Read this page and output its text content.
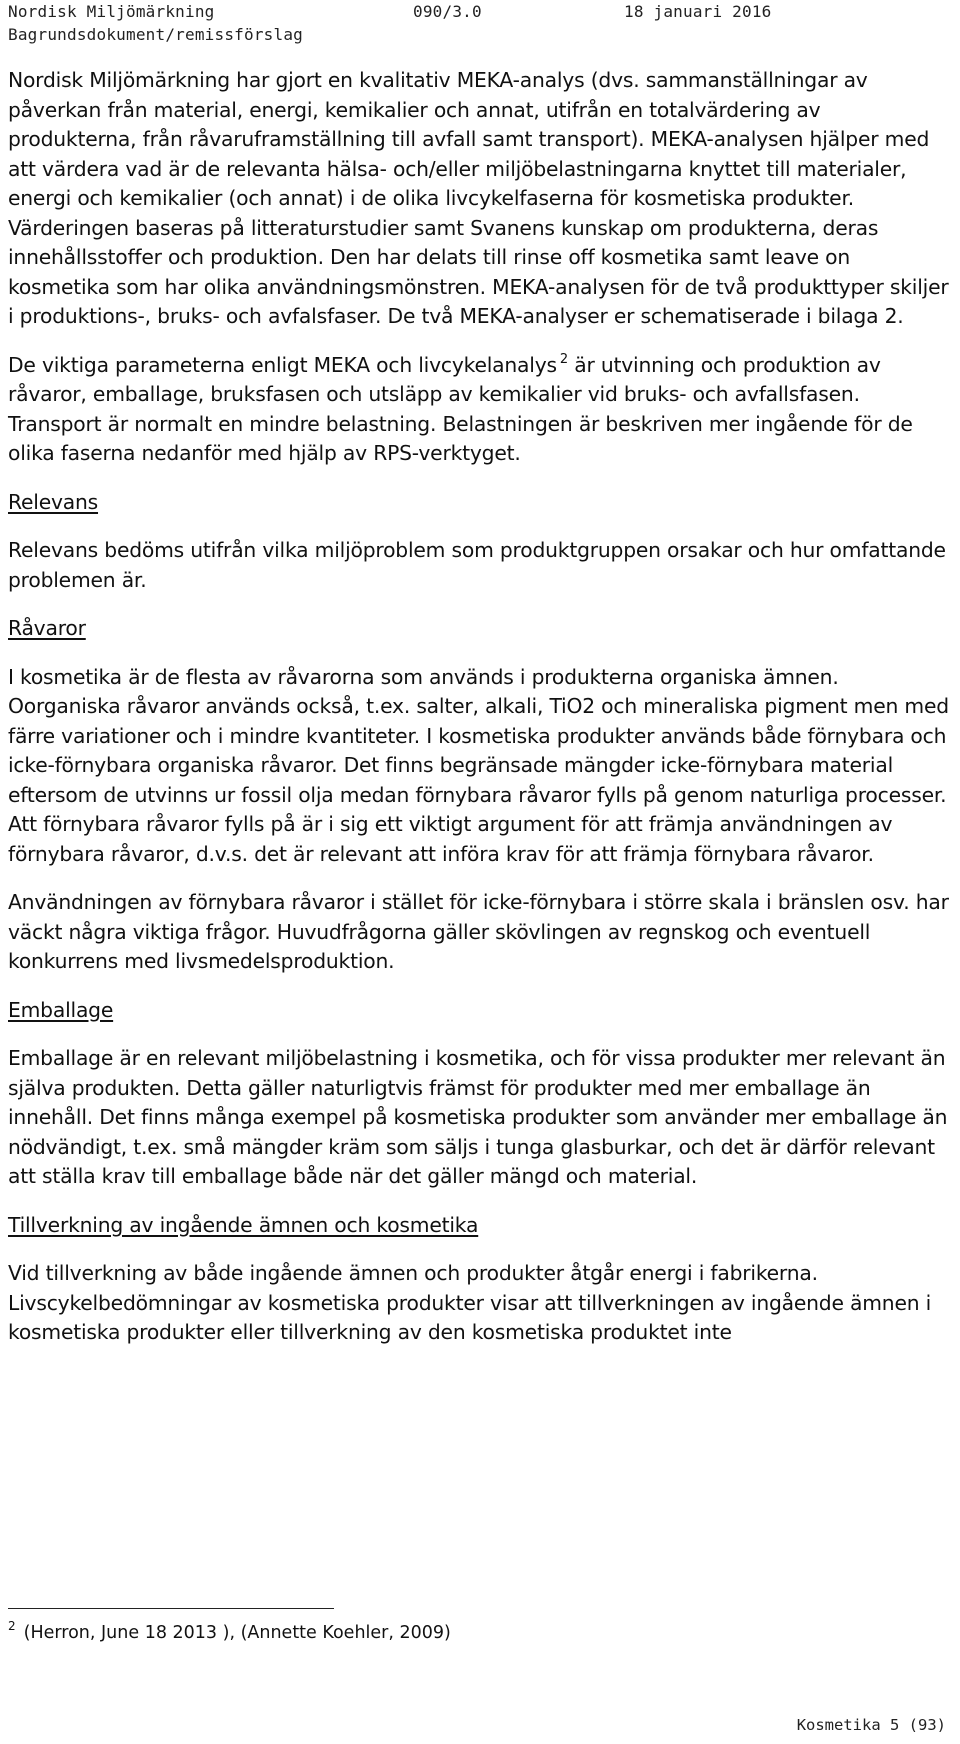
Nordisk Miljömärkning	090/3.0	18 januari 2016
Bagrundsdokument/remissförslag

Nordisk Miljömärkning har gjort en kvalitativ MEKA-analys (dvs. sammanställningar av påverkan från material, energi, kemikalier och annat, utifrån en totalvärdering av produkterna, från råvaruframställning till avfall samt transport). MEKA-analysen hjälper med att värdera vad är de relevanta hälsa- och/eller miljöbelastningarna knyttet till materialer, energi och kemikalier (och annat) i de olika livcykelfaserna för kosmetiska produkter. Värderingen baseras på litteraturstudier samt Svanens kunskap om produkterna, deras innehållsstoffer och produktion. Den har delats till rinse off kosmetika samt leave on kosmetika som har olika användningsmönstren. MEKA-analysen för de två produkttyper skiljer i produktions-, bruks- och avfalsfaser. De två MEKA-analyser er schematiserade i bilaga 2.

De viktiga parameterna enligt MEKA och livcykelanalys $^2$ är utvinning och produktion av råvaror, emballage, bruksfasen och utsläpp av kemikalier vid bruks- och avfallsfasen. Transport är normalt en mindre belastning. Belastningen är beskriven mer ingående för de olika faserna nedanför med hjälp av RPS-verktyget.

Relevans

Relevans bedöms utifrån vilka miljöproblem som produktgruppen orsakar och hur omfattande problemen är.

Råvaror

I kosmetika är de flesta av råvarorna som används i produkterna organiska ämnen. Oorganiska råvaror används också, t.ex. salter, alkali, TiO2 och mineraliska pigment men med färre variationer och i mindre kvantiteter. I kosmetiska produkter används både förnybara och icke-förnybara organiska råvaror. Det finns begränsade mängder icke-förnybara material eftersom de utvinns ur fossil olja medan förnybara råvaror fylls på genom naturliga processer. Att förnybara råvaror fylls på är i sig ett viktigt argument för att främja användningen av förnybara råvaror, d.v.s. det är relevant att införa krav för att främja förnybara råvaror.

Användningen av förnybara råvaror i stället för icke-förnybara i större skala i bränslen osv. har väckt några viktiga frågor. Huvudfrågorna gäller skövlingen av regnskog och eventuell konkurrens med livsmedelsproduktion.

Emballage

Emballage är en relevant miljöbelastning i kosmetika, och för vissa produkter mer relevant än själva produkten. Detta gäller naturligtvis främst för produkter med mer emballage än innehåll. Det finns många exempel på kosmetiska produkter som använder mer emballage än nödvändigt, t.ex. små mängder kräm som säljs i tunga glasburkar, och det är därför relevant att ställa krav till emballage både när det gäller mängd och material.

Tillverkning av ingående ämnen och kosmetika

Vid tillverkning av både ingående ämnen och produkter åtgår energi i fabrikerna. Livscykelbedömningar av kosmetiska produkter visar att tillverkningen av ingående ämnen i kosmetiska produkter eller tillverkning av den kosmetiska produktet inte

$^2$ (Herron, June 18 2013 ), (Annette Koehler, 2009)
Kosmetika 5 (93)
